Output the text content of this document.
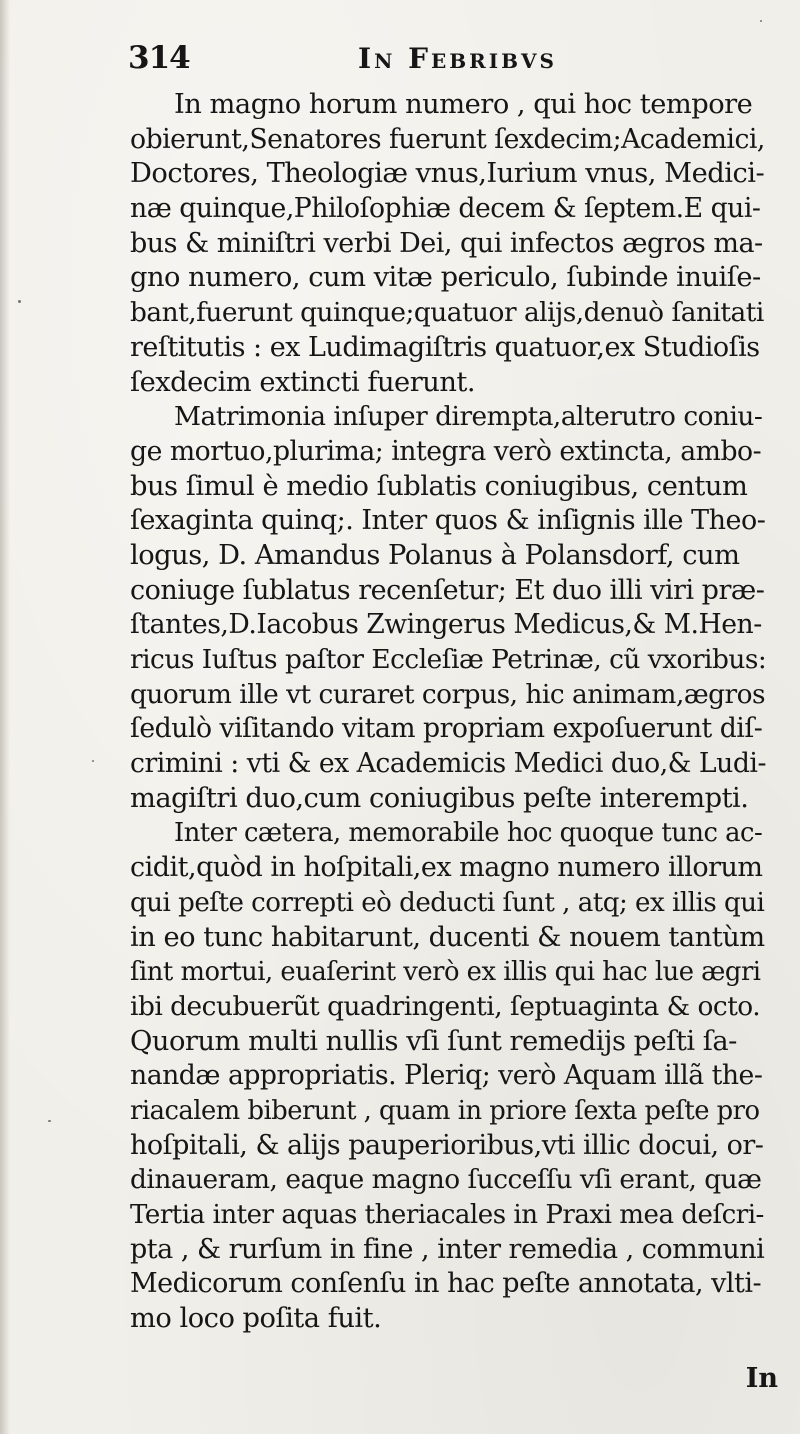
314	In Febribvs
In magno horum numero , qui hoc tempore
obierunt,Senatores fuerunt ſexdecim;Academici,
Doctores, Theologiæ vnus,Iurium vnus, Medici-
næ quinque,Philoſophiæ decem & ſeptem.E qui-
bus & miniſtri verbi Dei, qui infectos ægros ma-
gno numero, cum vitæ periculo, ſubinde inuiſe-
bant,fuerunt quinque;quatuor alijs,denuò ſanitati
reſtitutis : ex Ludimagiſtris quatuor,ex Studioſis
ſexdecim extincti fuerunt.
Matrimonia inſuper dirempta,alterutro coniu-
ge mortuo,plurima; integra verò extincta, ambo-
bus ſimul è medio ſublatis coniugibus, centum
ſexaginta quinq;. Inter quos & inſignis ille Theo-
logus, D. Amandus Polanus à Polansdorf, cum
coniuge ſublatus recenſetur; Et duo illi viri præ-
ſtantes,D.Iacobus Zwingerus Medicus,& M.Hen-
ricus Iuſtus paſtor Eccleſiæ Petrinæ, cũ vxoribus:
quorum ille vt curaret corpus, hic animam,ægros
ſedulò viſitando vitam propriam expoſuerunt diſ-
crimini : vti & ex Academicis Medici duo,& Ludi-
magiſtri duo,cum coniugibus peſte interempti.
Inter cætera, memorabile hoc quoque tunc ac-
cidit,quòd in hoſpitali,ex magno numero illorum
qui peſte correpti eò deducti ſunt , atq; ex illis qui
in eo tunc habitarunt, ducenti & nouem tantùm
ſint mortui, euaſerint verò ex illis qui hac lue ægri
ibi decubuerũt quadringenti, ſeptuaginta & octo.
Quorum multi nullis vſi ſunt remedijs peſti ſa-
nandæ appropriatis. Pleriq; verò Aquam illã the-
riacalem biberunt , quam in priore ſexta peſte pro
hoſpitali, & alijs pauperioribus,vti illic docui, or-
dinaueram, eaque magno ſucceſſu vſi erant, quæ
Tertia inter aquas theriacales in Praxi mea deſcri-
pta , & rurſum in fine , inter remedia , communi
Medicorum conſenſu in hac peſte annotata, vlti-
mo loco poſita fuit.
In
